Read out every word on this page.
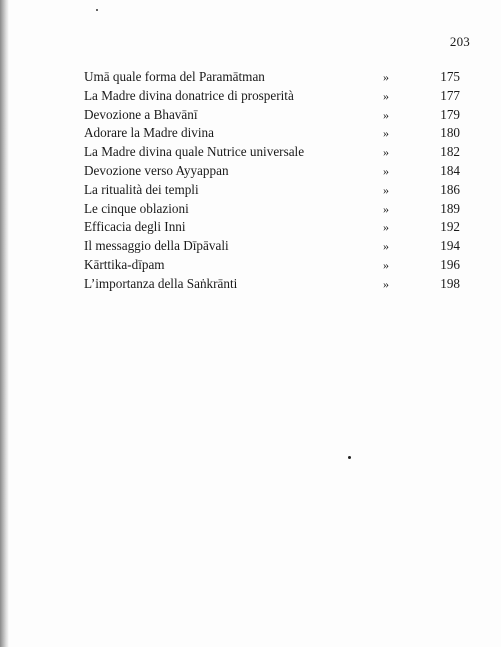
203
Umā quale forma del Paramātman	»	175
La Madre divina donatrice di prosperità	»	177
Devozione a Bhavānī	»	179
Adorare la Madre divina	»	180
La Madre divina quale Nutrice universale	»	182
Devozione verso Ayyappan	»	184
La ritualità dei templi	»	186
Le cinque oblazioni	»	189
Efficacia degli Inni	»	192
Il messaggio della Dīpāvali	»	194
Kārttika-dīpam	»	196
L’importanza della Saṅkrānti	»	198
